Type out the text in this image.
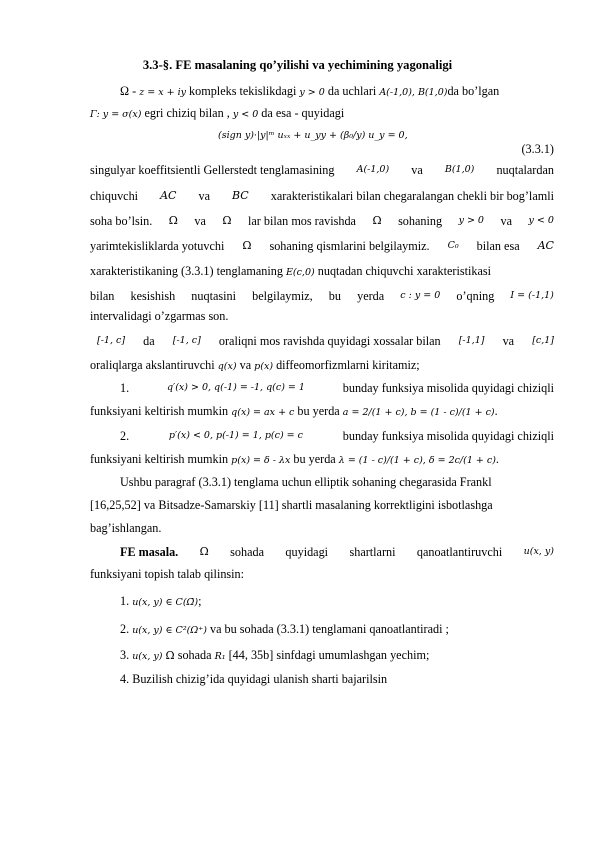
3.3-§. FE masalaning qo’yilishi va yechimining yagonaligi
Ω - z = x + iy kompleks tekislikdagi y > 0 da uchlari A(-1,0), B(1,0)da bo’lgan
Γ: y = σ(x) egri chiziq bilan , y < 0 da esa - quyidagi
(sign y)·|y|ᵐ uₓₓ + u_yy + (β₀/y) u_y = 0,
(3.3.1)
singulyar koeffitsientli Gellerstedt tenglamasining A(-1,0) va B(1,0) nuqtalardan
chiquvchi AC va BC xarakteristikalari bilan chegaralangan chekli bir bog’lamli
soha bo’lsin. Ω va Ω lar bilan mos ravishda Ω sohaning y > 0 va y < 0
yarimtekisliklarda yotuvchi Ω sohaning qismlarini belgilaymiz. C₀ bilan esa AC
xarakteristikaning (3.3.1) tenglamaning E(c,0) nuqtadan chiquvchi xarakteristikasi
bilan kesishish nuqtasini belgilaymiz, bu yerda c : y = 0 o’qning I = (-1,1)
intervalidagi o’zgarmas son.
[-1, c] da [-1, c] oraliqni mos ravishda quyidagi xossalar bilan [-1,1] va [c,1]
oraliqlarga akslantiruvchi q(x) va p(x) diffeomorfizmlarni kiritamiz;
1.	q′(x) > 0, q(-1) = -1, q(c) = 1	bunday funksiya misolida quyidagi chiziqli
funksiyani keltirish mumkin q(x) = ax + c bu yerda a = 2/(1 + c), b = (1 - c)/(1 + c).
2.	p′(x) < 0, p(-1) = 1, p(c) = c	bunday funksiya misolida quyidagi chiziqli
funksiyani keltirish mumkin p(x) = δ - λx bu yerda λ = (1 - c)/(1 + c), δ = 2c/(1 + c).
Ushbu paragraf (3.3.1) tenglama uchun elliptik sohaning chegarasida Frankl
[16,25,52] va Bitsadze-Samarskiy [11] shartli masalaning korrektligini isbotlashga
bag’ishlangan.
FE masala. Ω sohada quyidagi shartlarni qanoatlantiruvchi u(x, y)
funksiyani topish talab qilinsin:
1. u(x, y) ∈ C(Ω̄);
2. u(x, y) ∈ C²(Ω⁺) va bu sohada (3.3.1) tenglamani qanoatlantiradi ;
3. u(x, y) Ω sohada R₁ [44, 35b] sinfdagi umumlashgan yechim;
4. Buzilish chizig’ida quyidagi ulanish sharti bajarilsin
